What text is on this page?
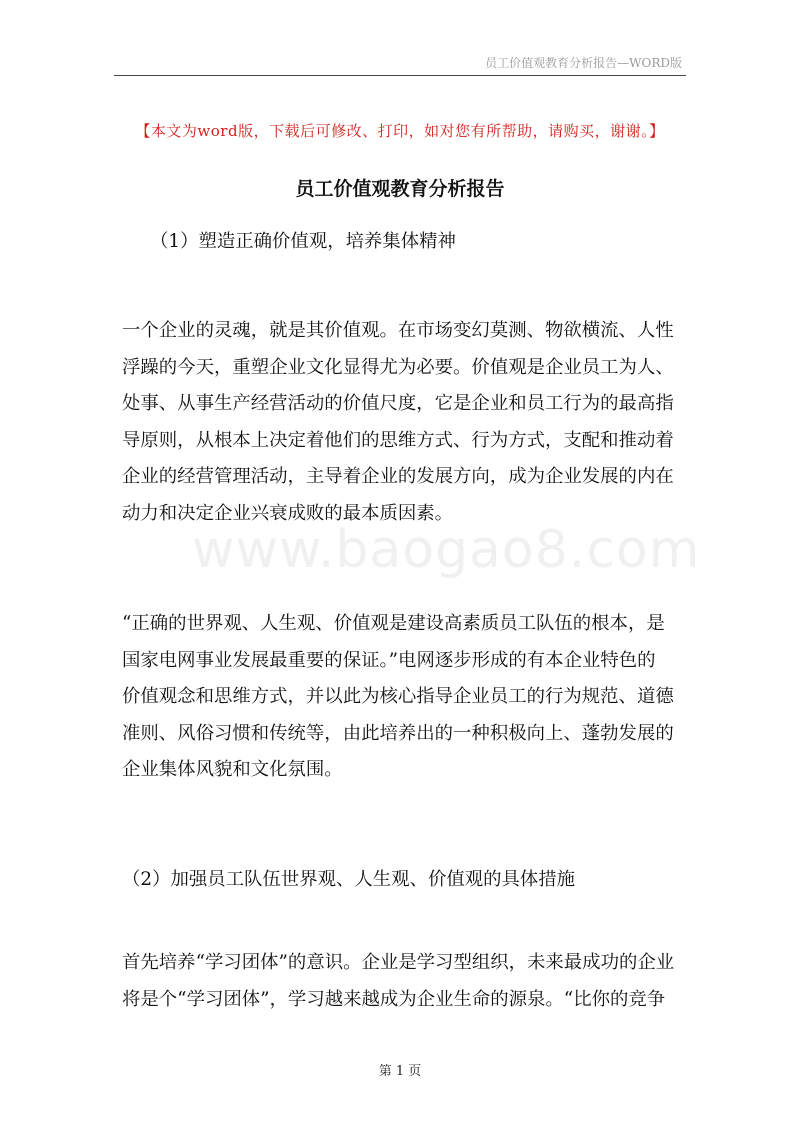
员工价值观教育分析报告—WORD版
【本文为word版，下载后可修改、打印，如对您有所帮助，请购买，谢谢。】
员工价值观教育分析报告
www.baogao8.com
（1）塑造正确价值观，培养集体精神
一个企业的灵魂，就是其价值观。在市场变幻莫测、物欲横流、人性
浮躁的今天，重塑企业文化显得尤为必要。价值观是企业员工为人、
处事、从事生产经营活动的价值尺度，它是企业和员工行为的最高指
导原则，从根本上决定着他们的思维方式、行为方式，支配和推动着
企业的经营管理活动，主导着企业的发展方向，成为企业发展的内在
动力和决定企业兴衰成败的最本质因素。
“正确的世界观、人生观、价值观是建设高素质员工队伍的根本，是
国家电网事业发展最重要的保证。”电网逐步形成的有本企业特色的
价值观念和思维方式，并以此为核心指导企业员工的行为规范、道德
准则、风俗习惯和传统等，由此培养出的一种积极向上、蓬勃发展的
企业集体风貌和文化氛围。
（2）加强员工队伍世界观、人生观、价值观的具体措施
首先培养“学习团体”的意识。企业是学习型组织，未来最成功的企业
将是个“学习团体”，学习越来越成为企业生命的源泉。“比你的竞争
第 1 页
